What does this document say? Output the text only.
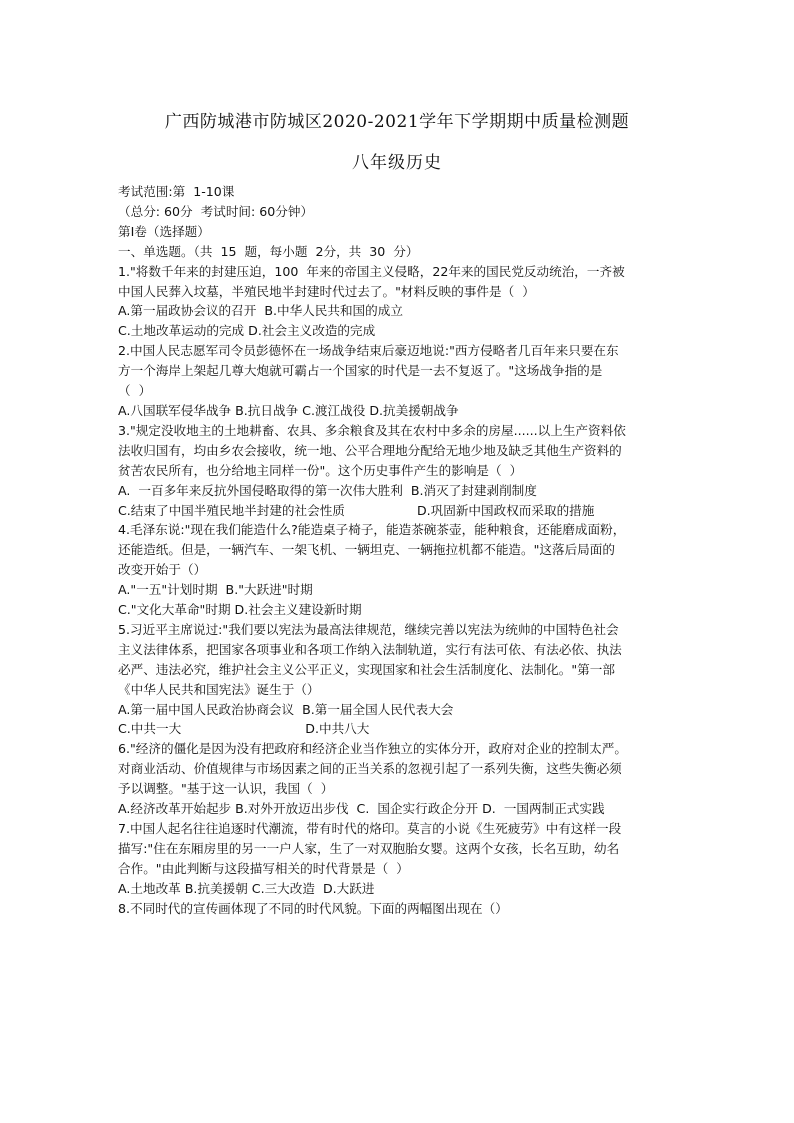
广西防城港市防城区2020-2021学年下学期期中质量检测题
八年级历史
考试范围:第  1-10课
（总分: 60分  考试时间: 60分钟）
第Ⅰ卷（选择题）
一、单选题。（共  15  题，每小题  2分，共  30  分）
1."将数千年来的封建压迫，100  年来的帝国主义侵略，22年来的国民党反动统治，一齐被
中国人民葬入坟墓，半殖民地半封建时代过去了。"材料反映的事件是（  ）
A.第一届政协会议的召开  B.中华人民共和国的成立
C.土地改革运动的完成 D.社会主义改造的完成
2.中国人民志愿军司令员彭德怀在一场战争结束后豪迈地说:"西方侵略者几百年来只要在东
方一个海岸上架起几尊大炮就可霸占一个国家的时代是一去不复返了。"这场战争指的是
（  ）
A.八国联军侵华战争 B.抗日战争 C.渡江战役 D.抗美援朝战争
3."规定没收地主的土地耕畜、农具、多余粮食及其在农村中多余的房屋......以上生产资料依
法收归国有，均由乡农会接收，统一地、公平合理地分配给无地少地及缺乏其他生产资料的
贫苦农民所有，也分给地主同样一份"。这个历史事件产生的影响是（  ）
A.  一百多年来反抗外国侵略取得的第一次伟大胜利  B.消灭了封建剥削制度
C.结束了中国半殖民地半封建的社会性质                  D.巩固新中国政权而采取的措施
4.毛泽东说:"现在我们能造什么?能造桌子椅子，能造茶碗茶壶，能种粮食，还能磨成面粉，
还能造纸。但是，一辆汽车、一架飞机、一辆坦克、一辆拖拉机都不能造。"这落后局面的
改变开始于（）
A."一五"计划时期  B."大跃进"时期
C."文化大革命"时期 D.社会主义建设新时期
5.习近平主席说过:"我们要以宪法为最高法律规范，继续完善以宪法为统帅的中国特色社会
主义法律体系，把国家各项事业和各项工作纳入法制轨道，实行有法可依、有法必依、执法
必严、违法必究，维护社会主义公平正义，实现国家和社会生活制度化、法制化。"第一部
《中华人民共和国宪法》诞生于（）
A.第一届中国人民政治协商会议  B.第一届全国人民代表大会
C.中共一大                               D.中共八大
6."经济的僵化是因为没有把政府和经济企业当作独立的实体分开，政府对企业的控制太严。
对商业活动、价值规律与市场因素之间的正当关系的忽视引起了一系列失衡，这些失衡必须
予以调整。"基于这一认识，我国（  ）
A.经济改革开始起步 B.对外开放迈出步伐  C.  国企实行政企分开 D.  一国两制正式实践
7.中国人起名往往追逐时代潮流，带有时代的烙印。莫言的小说《生死疲劳》中有这样一段
描写:"住在东厢房里的另一一户人家，生了一对双胞胎女婴。这两个女孩，长名互助，幼名
合作。"由此判断与这段描写相关的时代背景是（  ）
A.土地改革 B.抗美援朝 C.三大改造  D.大跃进
8.不同时代的宣传画体现了不同的时代风貌。下面的两幅图出现在（）
